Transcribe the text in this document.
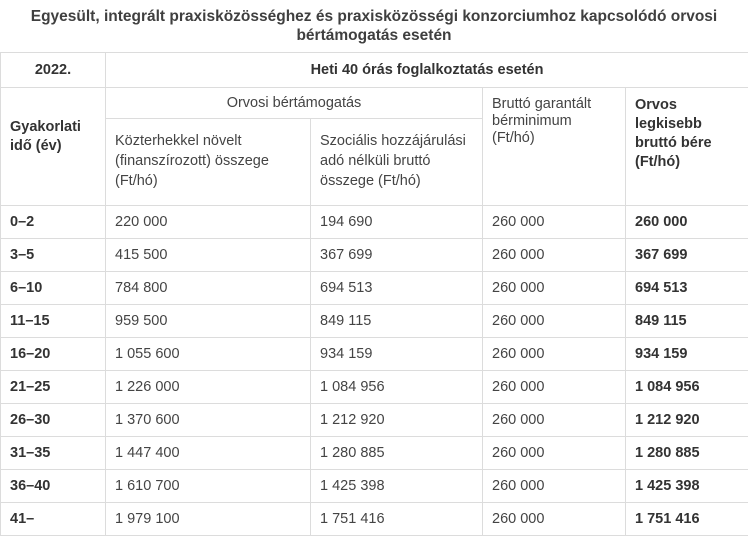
Egyesült, integrált praxisközösséghez és praxisközösségi konzorciumhoz kapcsolódó orvosi bértámogatás esetén
2022.	Heti 40 órás foglalkoztatás esetén			
Gyakorlati idő (év)	Orvosi bértámogatás		Bruttó garantált bérminimum (Ft/hó)	Orvos legkisebb bruttó bére (Ft/hó)
	Közterhekkel növelt (finanszírozott) összege (Ft/hó)	Szociális hozzájárulási adó nélküli bruttó összege (Ft/hó)		
0–2	220 000	194 690	260 000	260 000
3–5	415 500	367 699	260 000	367 699
6–10	784 800	694 513	260 000	694 513
11–15	959 500	849 115	260 000	849 115
16–20	1 055 600	934 159	260 000	934 159
21–25	1 226 000	1 084 956	260 000	1 084 956
26–30	1 370 600	1 212 920	260 000	1 212 920
31–35	1 447 400	1 280 885	260 000	1 280 885
36–40	1 610 700	1 425 398	260 000	1 425 398
41–	1 979 100	1 751 416	260 000	1 751 416
